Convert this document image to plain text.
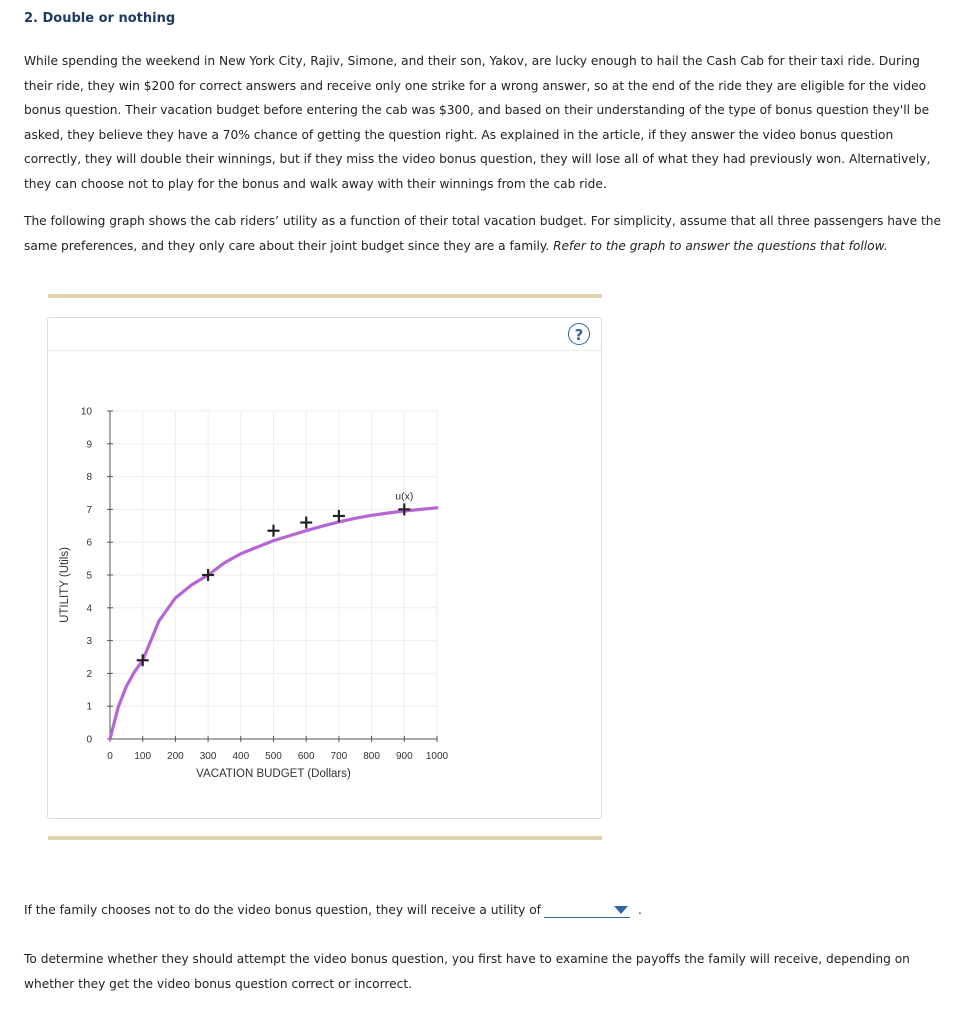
2. Double or nothing

While spending the weekend in New York City, Rajiv, Simone, and their son, Yakov, are lucky enough to hail the Cash Cab for their taxi ride. During their ride, they win $200 for correct answers and receive only one strike for a wrong answer, so at the end of the ride they are eligible for the video bonus question. Their vacation budget before entering the cab was $300, and based on their understanding of the type of bonus question they'll be asked, they believe they have a 70% chance of getting the question right. As explained in the article, if they answer the video bonus question correctly, they will double their winnings, but if they miss the video bonus question, they will lose all of what they had previously won. Alternatively, they can choose not to play for the bonus and walk away with their winnings from the cab ride.

The following graph shows the cab riders’ utility as a function of their total vacation budget. For simplicity, assume that all three passengers have the same preferences, and they only care about their joint budget since they are a family. Refer to the graph to answer the questions that follow.

?
0
1
2
3
4
5
6
7
8
9
10
0 100 200 300 400 500 600 700 800 900 1000
VACATION BUDGET (Dollars)
UTILITY (Utils)
u(x)
If the family chooses not to do the video bonus question, they will receive a utility of	.

To determine whether they should attempt the video bonus question, you first have to examine the payoffs the family will receive, depending on whether they get the video bonus question correct or incorrect.
